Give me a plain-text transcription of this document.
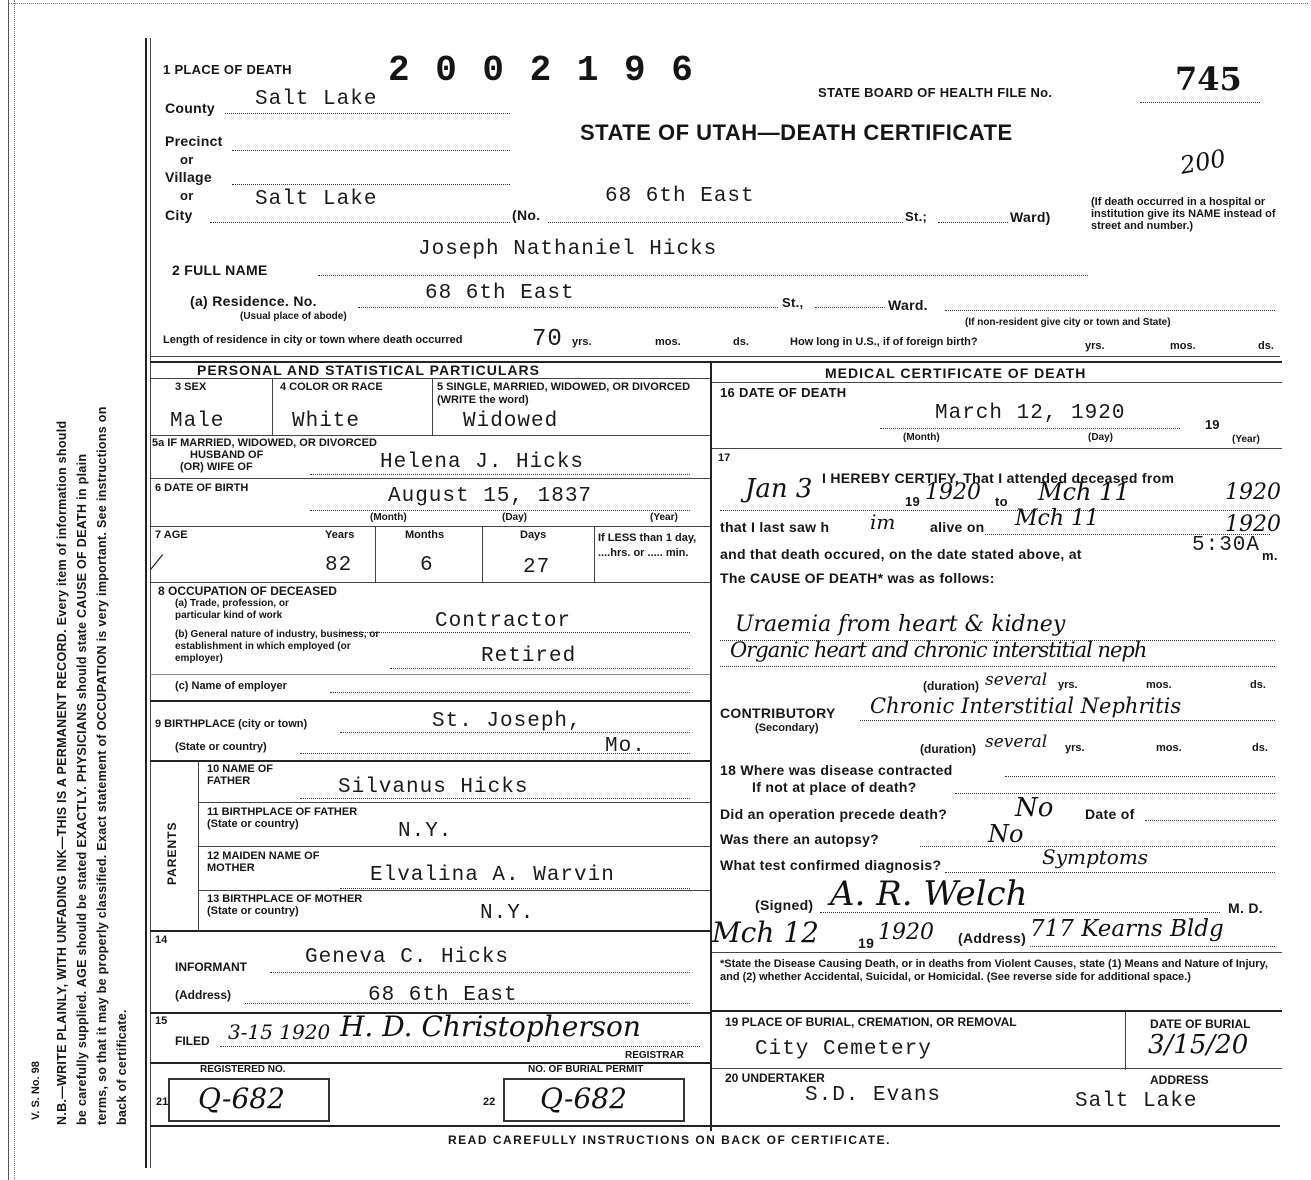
N.B.—WRITE PLAINLY, WITH UNFADING INK—THIS IS A PERMANENT RECORD. Every item of information should be carefully supplied. AGE should be stated EXACTLY. PHYSICIANS should state CAUSE OF DEATH in plain terms, so that it may be properly classified. Exact statement of OCCUPATION is very important. See instructions on back of certificate.
V. S. No. 98
1 PLACE OF DEATH	2 0 0 2 1 9 6
STATE BOARD OF HEALTH FILE No.	745
County Salt Lake
STATE OF UTAH—DEATH CERTIFICATE
200
Precinct
or
Village
or
City
Salt Lake
(No.
68 6th East
St.;	Ward)
(If death occurred in a hospital or institution give its NAME instead of street and number.)
2 FULL NAME
Joseph Nathaniel Hicks
(a) Residence. No.	68 6th East	St.,	Ward.
(Usual place of abode)
(If non-resident give city or town and State)
Length of residence in city or town where death occurred	70 yrs.	mos.	ds.	How long in U.S., if of foreign birth?	yrs.	mos.	ds.
PERSONAL AND STATISTICAL PARTICULARS
3 SEX	4 COLOR OR RACE	5 SINGLE, MARRIED, WIDOWED, OR DIVORCED (WRITE the word)
Male	White	Widowed
5a IF MARRIED, WIDOWED, OR DIVORCED
HUSBAND OF
(OR) WIFE OF	Helena J. Hicks
6 DATE OF BIRTH	August 15, 1837
(Month)	(Day)	(Year)
7 AGE
⁄
Years	Months	Days
82	6	27
If LESS than 1 day, ....hrs. or ..... min.
8 OCCUPATION OF DECEASED
(a) Trade, profession, or particular kind of work	Contractor
(b) General nature of industry, business, or establishment in which employed (or employer)	Retired
(c) Name of employer
9 BIRTHPLACE (city or town)	St. Joseph,
(State or country)	Mo.
PARENTS
10 NAME OF FATHER	Silvanus Hicks
11 BIRTHPLACE OF FATHER (State or country)	N.Y.
12 MAIDEN NAME OF MOTHER	Elvalina A. Warvin
13 BIRTHPLACE OF MOTHER (State or country)	N.Y.
14
INFORMANT	Geneva C. Hicks
(Address)	68 6th East
15
FILED 3-15 1920 H. D. Christopherson
REGISTRAR
REGISTERED NO.	NO. OF BURIAL PERMIT
21	22
Q-682	Q-682
MEDICAL CERTIFICATE OF DEATH
16 DATE OF DEATH
March 12, 1920	19
(Month)	(Day)	(Year)
17
I HEREBY CERTIFY, That I attended deceased from
Jan 3	19 1920 to Mch 11	1920
that I last saw h im alive on Mch 11	1920
and that death occured, on the date stated above, at	5:30A m.
The CAUSE OF DEATH* was as follows:
Uraemia from heart & kidney
Organic heart and chronic interstitial neph
(duration) several yrs.	mos.	ds.
CONTRIBUTORY Chronic Interstitial Nephritis
(Secondary)
(duration) several yrs.	mos.	ds.
18 Where was disease contracted
If not at place of death?
Did an operation precede death?	No Date of
Was there an autopsy?	No
What test confirmed diagnosis?	Symptoms
(Signed) A. R. Welch	M. D.
Mch 12	19 1920 (Address) 717 Kearns Bldg
*State the Disease Causing Death, or in deaths from Violent Causes, state (1) Means and Nature of Injury, and (2) whether Accidental, Suicidal, or Homicidal. (See reverse side for additional space.)
19 PLACE OF BURIAL, CREMATION, OR REMOVAL
City Cemetery
DATE OF BURIAL
3/15/20
20 UNDERTAKER
S.D. Evans
ADDRESS
Salt Lake
READ CAREFULLY INSTRUCTIONS ON BACK OF CERTIFICATE.
